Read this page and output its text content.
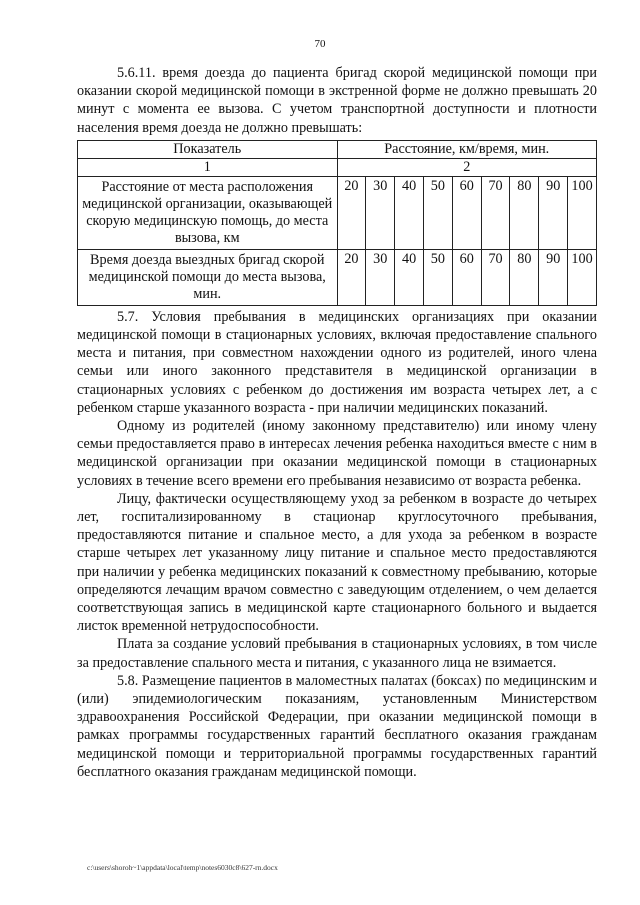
70

5.6.11. время доезда до пациента бригад скорой медицинской помощи при оказании скорой медицинской помощи в экстренной форме не должно превышать 20 минут с момента ее вызова. С учетом транспортной доступности и плотности населения время доезда не должно превышать:

Показатель	Расстояние, км/время, мин.								
1	2								
Расстояние от места расположения медицинской организации, оказывающей скорую медицинскую помощь, до места вызова, км	20	30	40	50	60	70	80	90	100
Время доезда выездных бригад скорой медицинской помощи до места вызова, мин.	20	30	40	50	60	70	80	90	100

5.7. Условия пребывания в медицинских организациях при оказании медицинской помощи в стационарных условиях, включая предоставление спального места и питания, при совместном нахождении одного из родителей, иного члена семьи или иного законного представителя в медицинской организации в стационарных условиях с ребенком до достижения им возраста четырех лет, а с ребенком старше указанного возраста - при наличии медицинских показаний.

Одному из родителей (иному законному представителю) или иному члену семьи предоставляется право в интересах лечения ребенка находиться вместе с ним в медицинской организации при оказании медицинской помощи в стационарных условиях в течение всего времени его пребывания независимо от возраста ребенка.

Лицу, фактически осуществляющему уход за ребенком в возрасте до четырех лет, госпитализированному в стационар круглосуточного пребывания, предоставляются питание и спальное место, а для ухода за ребенком в возрасте старше четырех лет указанному лицу питание и спальное место предоставляются при наличии у ребенка медицинских показаний к совместному пребыванию, которые определяются лечащим врачом совместно с заведующим отделением, о чем делается соответствующая запись в медицинской карте стационарного больного и выдается листок временной нетрудоспособности.

Плата за создание условий пребывания в стационарных условиях, в том числе за предоставление спального места и питания, с указанного лица не взимается.

5.8. Размещение пациентов в маломестных палатах (боксах) по медицинским и (или) эпидемиологическим показаниям, установленным Министерством здравоохранения Российской Федерации, при оказании медицинской помощи в рамках программы государственных гарантий бесплатного оказания гражданам медицинской помощи и территориальной программы государственных гарантий бесплатного оказания гражданам медицинской помощи.

c:\users\shoroh~1\appdata\local\temp\notes6030c8\627-rn.docx
